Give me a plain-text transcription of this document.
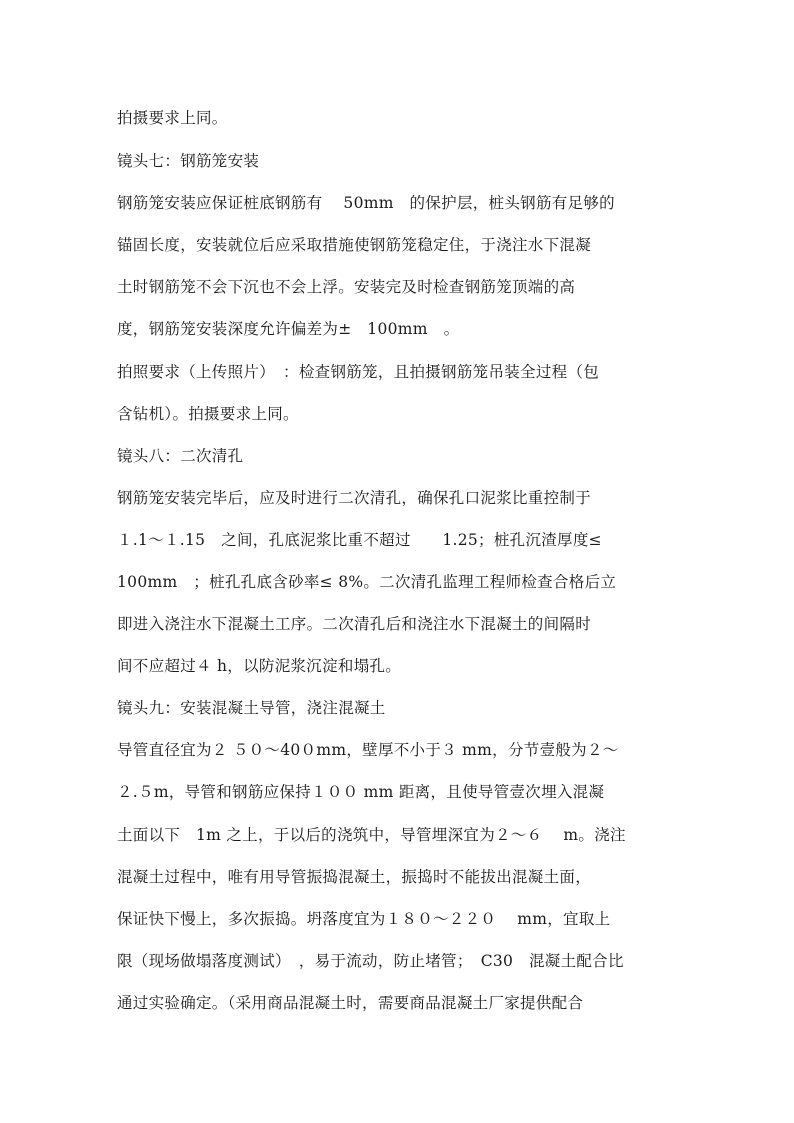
拍摄要求上同。
镜头七：钢筋笼安装
钢筋笼安装应保证桩底钢筋有　 50mm　的保护层，桩头钢筋有足够的
锚固长度，安装就位后应采取措施使钢筋笼稳定住，于浇注水下混凝
土时钢筋笼不会下沉也不会上浮。安装完及时检查钢筋笼顶端的高
度，钢筋笼安装深度允许偏差为±　100mm　。
拍照要求（上传照片）　：检查钢筋笼，且拍摄钢筋笼吊装全过程（包
含钻机）。拍摄要求上同。
镜头八：二次清孔
钢筋笼安装完毕后，应及时进行二次清孔，确保孔口泥浆比重控制于
１.1～１.15　之间，孔底泥浆比重不超过　　1.25；桩孔沉渣厚度≤
100mm　；桩孔孔底含砂率≤ 8%。二次清孔监理工程师检查合格后立
即进入浇注水下混凝土工序。二次清孔后和浇注水下混凝土的间隔时
间不应超过４ h，以防泥浆沉淀和塌孔。
镜头九：安装混凝土导管，浇注混凝土
导管直径宜为２ ５０～40０mm，壁厚不小于３ mm，分节壹般为２～
２.５m，导管和钢筋应保持１００ mm 距离，且使导管壹次埋入混凝
土面以下　1m 之上，于以后的浇筑中，导管埋深宜为２～６　 m。浇注
混凝土过程中，唯有用导管振捣混凝土，振捣时不能拔出混凝土面，
保证快下慢上，多次振捣。坍落度宜为１８０～２２０　 mm，宜取上
限（现场做塌落度测试）　，易于流动，防止堵管；　C30　混凝土配合比
通过实验确定。（采用商品混凝土时，需要商品混凝土厂家提供配合
